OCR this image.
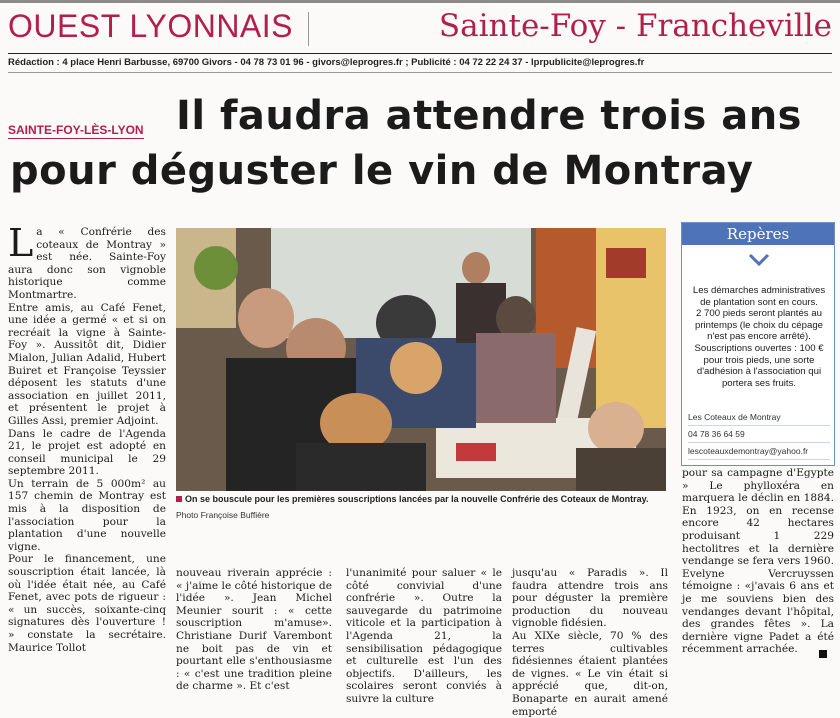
OUEST LYONNAIS	Sainte-Foy - Francheville
Rédaction : 4 place Henri Barbusse, 69700 Givors - 04 78 73 01 96 - givors@leprogres.fr ; Publicité : 04 72 22 24 37 - lprpublicite@leprogres.fr
SAINTE-FOY-LÈS-LYON Il faudra attendre trois ans
pour déguster le vin de Montray
L a « Confrérie des coteaux de Montray » est née. Sainte-Foy aura donc son vignoble historique comme Montmartre.

Entre amis, au Café Fenet, une idée a germé « et si on recréait la vigne à Sainte-Foy ». Aussitôt dit, Didier Mialon, Julian Adalid, Hubert Buiret et Françoise Teyssier déposent les statuts d'une association en juillet 2011, et présentent le projet à Gilles Assi, premier Adjoint.

Dans le cadre de l'Agenda 21, le projet est adopté en conseil municipal le 29 septembre 2011.

Un terrain de 5 000m² au 157 chemin de Montray est mis à la disposition de l'association pour la plantation d'une nouvelle vigne.

Pour le financement, une souscription était lancée, là où l'idée était née, au Café Fenet, avec pots de rigueur : « un succès, soixante-cinq signatures dès l'ouverture ! » constate la secrétaire. Maurice Tollot

On se bouscule pour les premières souscriptions lancées par la nouvelle Confrérie des Coteaux de Montray.
Photo Françoise Buffière

nouveau riverain apprécie : « j'aime le côté historique de l'idée ». Jean Michel Meunier sourit : « cette souscription m'amuse». Christiane Durif Varembont ne boit pas de vin et pourtant elle s'enthousiasme : « c'est une tradition pleine de charme ». Et c'est

l'unanimité pour saluer « le côté convivial d'une confrérie ». Outre la sauvegarde du patrimoine viticole et la participation à l'Agenda 21, la sensibilisation pédagogique et culturelle est l'un des objectifs. D'ailleurs, les scolaires seront conviés à suivre la culture

jusqu'au « Paradis ». Il faudra attendre trois ans pour déguster la première production du nouveau vignoble fidésien.

Au XIXe siècle, 70 % des terres cultivables fidésiennes étaient plantées de vignes. « Le vin était si apprécié que, dit-on, Bonaparte en aurait amené emporté

pour sa campagne d'Egypte » Le phylloxéra en marquera le déclin en 1884. En 1923, on en recense encore 42 hectares produisant 1 229 hectolitres et la dernière vendange se fera vers 1960. Evelyne Vercruyssen témoigne : «j'avais 6 ans et je me souviens bien des vendanges devant l'hôpital, des grandes fêtes ». La dernière vigne Padet a été récemment arrachée.

Repères

Les démarches administratives de plantation sont en cours.

2 700 pieds seront plantés au printemps (le choix du cépage n'est pas encore arrêté).

Souscriptions ouvertes : 100 € pour trois pieds, une sorte d'adhésion à l'association qui portera ses fruits.

Les Coteaux de Montray
04 78 36 64 59
lescoteauxdemontray@yahoo.fr
